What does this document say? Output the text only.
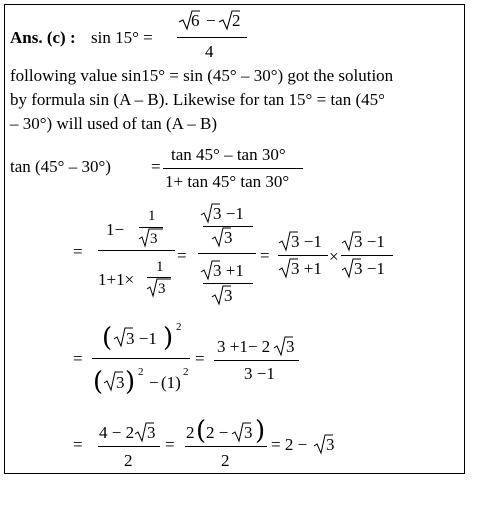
Ans. (c) : sin 15° =
6 − 2
4
following value sin15° = sin (45° – 30°) got the solution
by formula sin (A – B). Likewise for tan 15° = tan (45°
– 30°) will used of tan (A – B)
tan (45° – 30°) =
tan 45° – tan 30°
1+ tan 45° tan 30°
=
1−
1
3
1+1×
1
3
=
3 −1
3
3 +1
3
=
3 −1
3 +1
×
3 −1
3 −1
=
( 3 −1 ) 2
( 3 ) 2
− (1)
2
=
3 +1− 2 3
3 −1
=
4 − 2 3
2
=
2 ( 2 − 3 )
2
= 2 − 3
